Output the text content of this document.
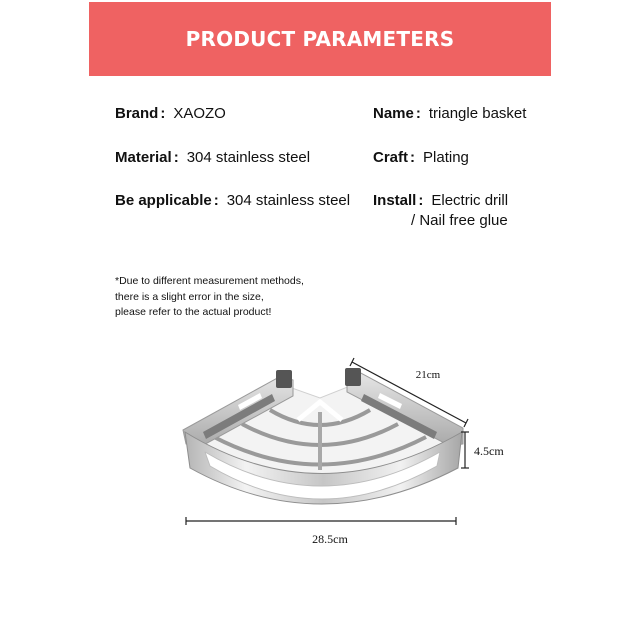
PRODUCT PARAMETERS
Brand : XAOZO
Material : 304 stainless steel
Be applicable : 304 stainless steel
Name : triangle basket
Craft : Plating
Install : Electric drill
/ Nail free glue
*Due to different measurement methods,
there is a slight error in the size,
please refer to the actual product!
21cm
4.5cm
28.5cm
